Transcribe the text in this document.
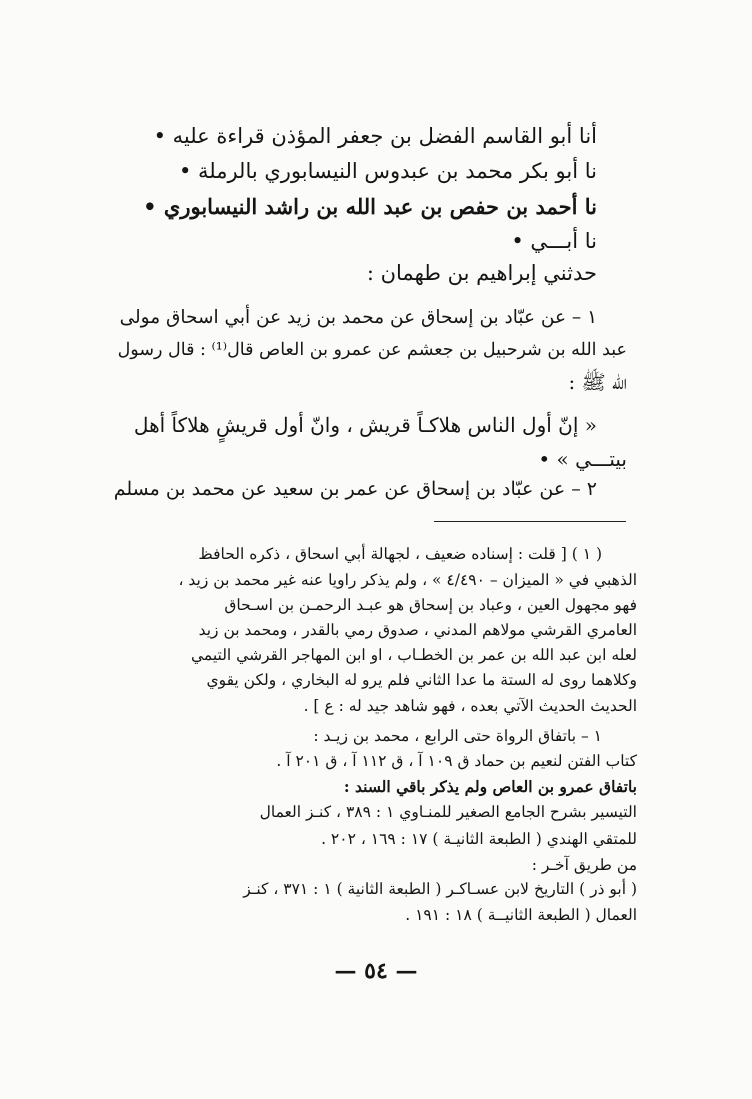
أنا أبو القاسم الفضل بن جعفر المؤذن قراءة عليه •

نا أبو بكر محمد بن عبدوس النيسابوري بالرملة •

نا أحمد بن حفص بن عبد الله بن راشد النيسابوري •

نا أبـــي •

حدثني إبراهيم بن طهمان :

١ – عن عبّاد بن إسحاق عن محمد بن زيد عن أبي اسحاق مولى

عبد الله بن شرحبيل بن جعشم عن عمرو بن العاص قال⁽¹⁾ : قال رسول

الله ﷺ :

« إنّ أول الناس هلاكـاً قريش ، وانّ أول قريشٍ هلاكاً أهل

بيتـــي » •

٢ – عن عبّاد بن إسحاق عن عمر بن سعيد عن محمد بن مسلم

( ١ ) [ قلت : إسناده ضعيف ، لجهالة أبي اسحاق ، ذكره الحافظ

الذهبي في « الميزان – ٤/٤٩٠ » ، ولم يذكر راويا عنه غير محمد بن زيد ،

فهو مجهول العين ، وعباد بن إسحاق هو عبـد الرحمـن بن اسـحاق

العامري القرشي مولاهم المدني ، صدوق رمي بالقدر ، ومحمد بن زيد

لعله ابن عبد الله بن عمر بن الخطـاب ، او ابن المهاجر القرشي التيمي

وكلاهما روى له الستة ما عدا الثاني فلم يرو له البخاري ، ولكن يقوي

الحديث الحديث الآتي بعده ، فهو شاهد جيد له : ع ] .

١ – باتفاق الرواة حتى الرابع ، محمد بن زيـد :

كتاب الفتن لنعيم بن حماد ق ١٠٩ آ ، ق ١١٢ آ ، ق ٢٠١ آ .

باتفاق عمرو بن العاص ولم يذكر باقي السند :

التيسير بشرح الجامع الصغير للمنـاوي ١ : ٣٨٩ ، كنـز العمال

للمتقي الهندي ( الطبعة الثانيـة ) ١٧ : ١٦٩ ، ٢٠٢ .

من طريق آخـر :

( أبو ذر ) التاريخ لابن عسـاكـر ( الطبعة الثانية ) ١ : ٣٧١ ، كنـز

العمال ( الطبعة الثانيــة ) ١٨ : ١٩١ .

— ٥٤ —
